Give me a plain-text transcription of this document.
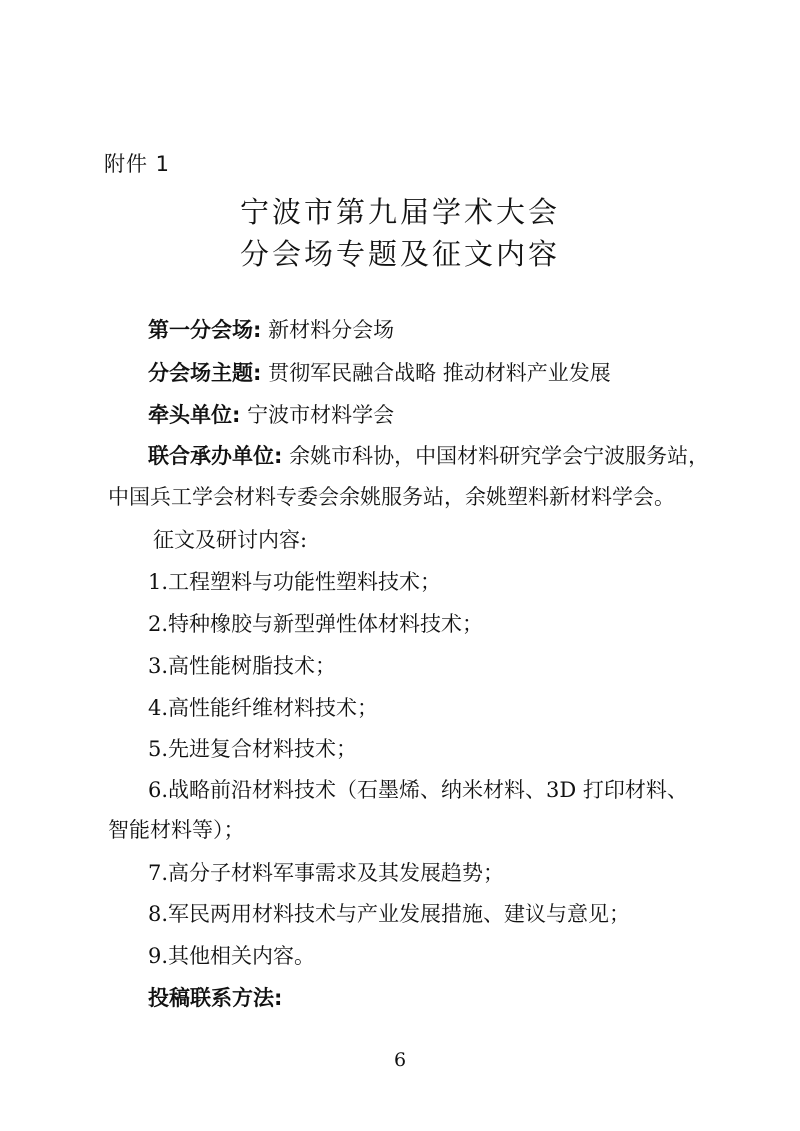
附件 1
宁波市第九届学术大会
分会场专题及征文内容
第一分会场: 新材料分会场
分会场主题: 贯彻军民融合战略 推动材料产业发展
牵头单位: 宁波市材料学会
联合承办单位: 余姚市科协，中国材料研究学会宁波服务站，
中国兵工学会材料专委会余姚服务站，余姚塑料新材料学会。
征文及研讨内容:
1.工程塑料与功能性塑料技术；
2.特种橡胶与新型弹性体材料技术；
3.高性能树脂技术；
4.高性能纤维材料技术；
5.先进复合材料技术；
6.战略前沿材料技术（石墨烯、纳米材料、3D 打印材料、
智能材料等）；
7.高分子材料军事需求及其发展趋势；
8.军民两用材料技术与产业发展措施、建议与意见；
9.其他相关内容。
投稿联系方法:
6
